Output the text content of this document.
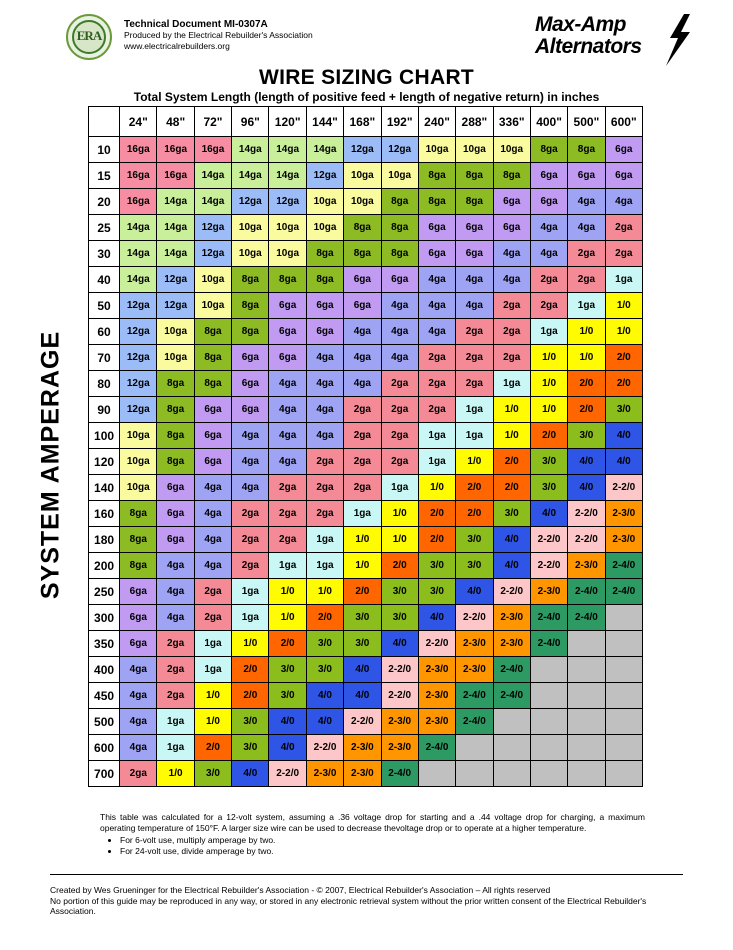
ERA
Technical Document MI-0307A
Produced by the Electrical Rebuilder's Association
www.electricalrebuilders.org
Max-Amp
Alternators
WIRE SIZING CHART
Total System Length (length of positive feed + length of negative return) in inches
SYSTEM AMPERAGE
	24"	48"	72"	96"	120"	144"	168"	192"	240"	288"	336"	400"	500"	600"
10	16ga	16ga	16ga	14ga	14ga	14ga	12ga	12ga	10ga	10ga	10ga	8ga	8ga	6ga
15	16ga	16ga	14ga	14ga	14ga	12ga	10ga	10ga	8ga	8ga	8ga	6ga	6ga	6ga
20	16ga	14ga	14ga	12ga	12ga	10ga	10ga	8ga	8ga	8ga	6ga	6ga	4ga	4ga
25	14ga	14ga	12ga	10ga	10ga	10ga	8ga	8ga	6ga	6ga	6ga	4ga	4ga	2ga
30	14ga	14ga	12ga	10ga	10ga	8ga	8ga	8ga	6ga	6ga	4ga	4ga	2ga	2ga
40	14ga	12ga	10ga	8ga	8ga	8ga	6ga	6ga	4ga	4ga	4ga	2ga	2ga	1ga
50	12ga	12ga	10ga	8ga	6ga	6ga	6ga	4ga	4ga	4ga	2ga	2ga	1ga	1/0
60	12ga	10ga	8ga	8ga	6ga	6ga	4ga	4ga	4ga	2ga	2ga	1ga	1/0	1/0
70	12ga	10ga	8ga	6ga	6ga	4ga	4ga	4ga	2ga	2ga	2ga	1/0	1/0	2/0
80	12ga	8ga	8ga	6ga	4ga	4ga	4ga	2ga	2ga	2ga	1ga	1/0	2/0	2/0
90	12ga	8ga	6ga	6ga	4ga	4ga	2ga	2ga	2ga	1ga	1/0	1/0	2/0	3/0
100	10ga	8ga	6ga	4ga	4ga	4ga	2ga	2ga	1ga	1ga	1/0	2/0	3/0	4/0
120	10ga	8ga	6ga	4ga	4ga	2ga	2ga	2ga	1ga	1/0	2/0	3/0	4/0	4/0
140	10ga	6ga	4ga	4ga	2ga	2ga	2ga	1ga	1/0	2/0	2/0	3/0	4/0	2-2/0
160	8ga	6ga	4ga	2ga	2ga	2ga	1ga	1/0	2/0	2/0	3/0	4/0	2-2/0	2-3/0
180	8ga	6ga	4ga	2ga	2ga	1ga	1/0	1/0	2/0	3/0	4/0	2-2/0	2-2/0	2-3/0
200	8ga	4ga	4ga	2ga	1ga	1ga	1/0	2/0	3/0	3/0	4/0	2-2/0	2-3/0	2-4/0
250	6ga	4ga	2ga	1ga	1/0	1/0	2/0	3/0	3/0	4/0	2-2/0	2-3/0	2-4/0	2-4/0
300	6ga	4ga	2ga	1ga	1/0	2/0	3/0	3/0	4/0	2-2/0	2-3/0	2-4/0	2-4/0	
350	6ga	2ga	1ga	1/0	2/0	3/0	3/0	4/0	2-2/0	2-3/0	2-3/0	2-4/0		
400	4ga	2ga	1ga	2/0	3/0	3/0	4/0	2-2/0	2-3/0	2-3/0	2-4/0			
450	4ga	2ga	1/0	2/0	3/0	4/0	4/0	2-2/0	2-3/0	2-4/0	2-4/0			
500	4ga	1ga	1/0	3/0	4/0	4/0	2-2/0	2-3/0	2-3/0	2-4/0				
600	4ga	1ga	2/0	3/0	4/0	2-2/0	2-3/0	2-3/0	2-4/0					
700	2ga	1/0	3/0	4/0	2-2/0	2-3/0	2-3/0	2-4/0						

This table was calculated for a 12-volt system, assuming a .36 voltage drop for starting and a .44 voltage drop for charging, a maximum operating temperature of 150°F. A larger size wire can be used to decrease thevoltage drop or to operate at a higher temperature.

• For 6-volt use, multiply amperage by two.
• For 24-volt use, divide amperage by two.

Created by Wes Grueninger for the Electrical Rebuilder's Association - © 2007, Electrical Rebuilder's Association – All rights reserved

No portion of this guide may be reproduced in any way, or stored in any electronic retrieval system without the prior written consent of the Electrical Rebuilder's Association.
